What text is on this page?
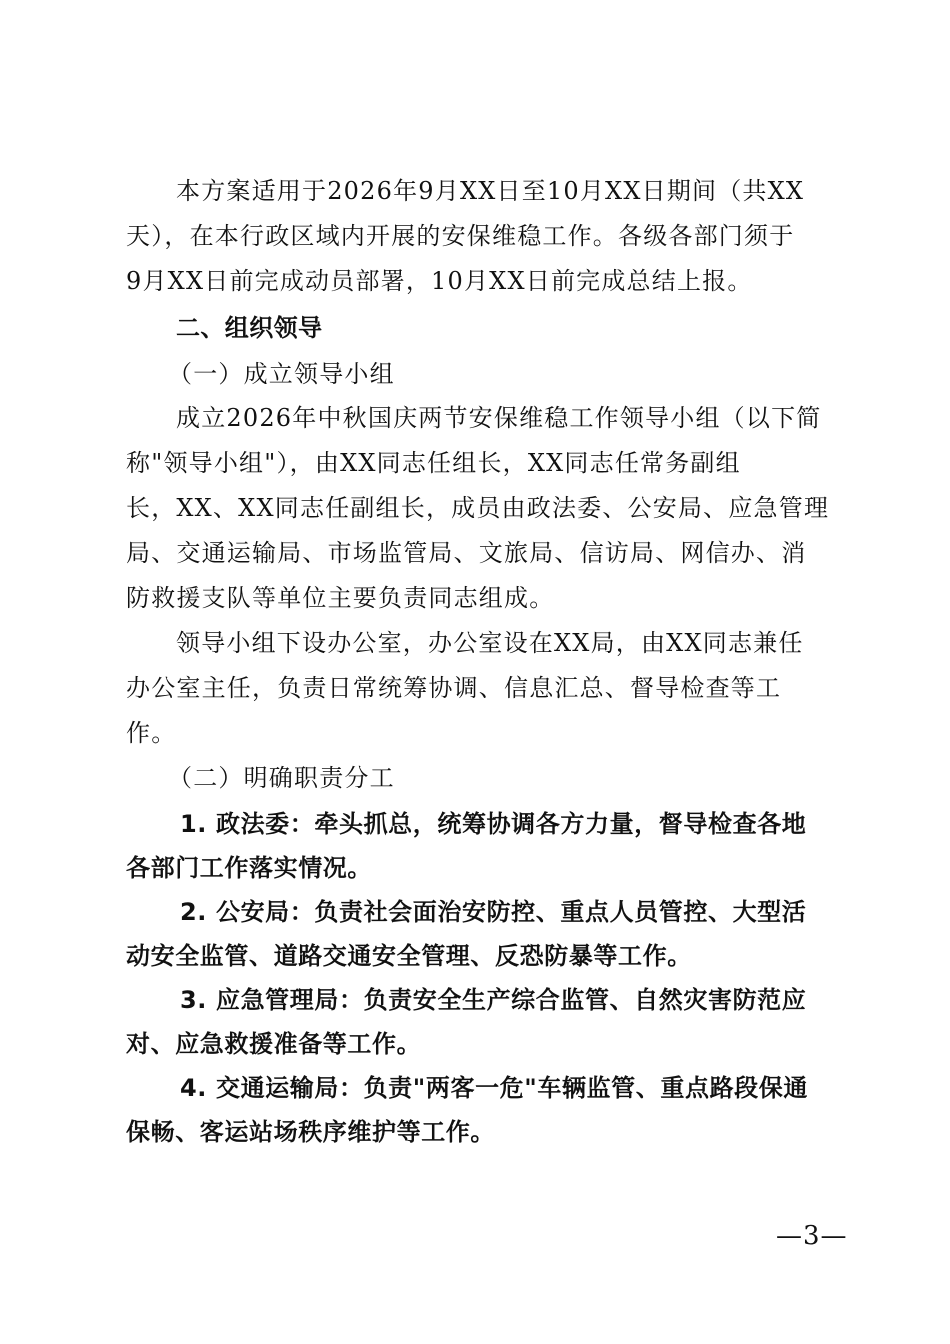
本方案适用于2026年9月XX日至10月XX日期间（共XX
天），在本行政区域内开展的安保维稳工作。各级各部门须于
9月XX日前完成动员部署，10月XX日前完成总结上报。
二、组织领导
（一）成立领导小组
成立2026年中秋国庆两节安保维稳工作领导小组（以下简
称"领导小组"），由XX同志任组长，XX同志任常务副组
长，XX、XX同志任副组长，成员由政法委、公安局、应急管理
局、交通运输局、市场监管局、文旅局、信访局、网信办、消
防救援支队等单位主要负责同志组成。
领导小组下设办公室，办公室设在XX局，由XX同志兼任
办公室主任，负责日常统筹协调、信息汇总、督导检查等工
作。
（二）明确职责分工
1. 政法委：牵头抓总，统筹协调各方力量，督导检查各地
各部门工作落实情况。
2. 公安局：负责社会面治安防控、重点人员管控、大型活
动安全监管、道路交通安全管理、反恐防暴等工作。
3. 应急管理局：负责安全生产综合监管、自然灾害防范应
对、应急救援准备等工作。
4. 交通运输局：负责"两客一危"车辆监管、重点路段保通
保畅、客运站场秩序维护等工作。
—3—
